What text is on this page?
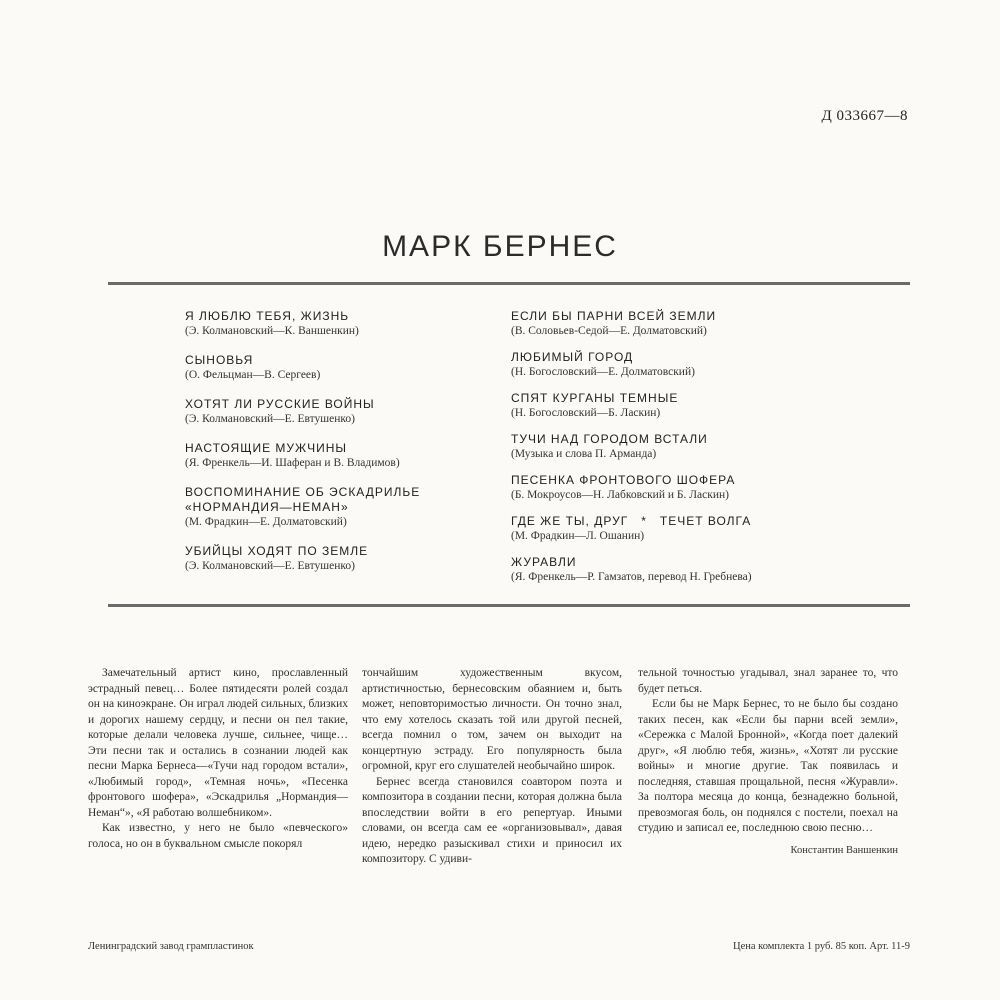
Д 033667—8
МАРК БЕРНЕС
Я ЛЮБЛЮ ТЕБЯ, ЖИЗНЬ
(Э. Колмановский—К. Ваншенкин)
СЫНОВЬЯ
(О. Фельцман—В. Сергеев)
ХОТЯТ ЛИ РУССКИЕ ВОЙНЫ
(Э. Колмановский—Е. Евтушенко)
НАСТОЯЩИЕ МУЖЧИНЫ
(Я. Френкель—И. Шаферан и В. Владимов)
ВОСПОМИНАНИЕ ОБ ЭСКАДРИЛЬЕ
«НОРМАНДИЯ—НЕМАН»
(М. Фрадкин—Е. Долматовский)
УБИЙЦЫ ХОДЯТ ПО ЗЕМЛЕ
(Э. Колмановский—Е. Евтушенко)
ЕСЛИ БЫ ПАРНИ ВСЕЙ ЗЕМЛИ
(В. Соловьев-Седой—Е. Долматовский)
ЛЮБИМЫЙ ГОРОД
(Н. Богословский—Е. Долматовский)
СПЯТ КУРГАНЫ ТЕМНЫЕ
(Н. Богословский—Б. Ласкин)
ТУЧИ НАД ГОРОДОМ ВСТАЛИ
(Музыка и слова П. Арманда)
ПЕСЕНКА ФРОНТОВОГО ШОФЕРА
(Б. Мокроусов—Н. Лабковский и Б. Ласкин)
ГДЕ ЖЕ ТЫ, ДРУГ   *   ТЕЧЕТ ВОЛГА
(М. Фрадкин—Л. Ошанин)
ЖУРАВЛИ
(Я. Френкель—Р. Гамзатов, перевод Н. Гребнева)

Замечательный артист кино, прославленный эстрадный певец… Более пятидесяти ролей создал он на киноэкране. Он играл людей сильных, близких и дорогих нашему сердцу, и песни он пел такие, которые делали человека лучше, сильнее, чище… Эти песни так и остались в сознании людей как песни Марка Бернеса—«Тучи над городом встали», «Любимый город», «Темная ночь», «Песенка фронтового шофера», «Эскадрилья „Нормандия—Неман“», «Я работаю волшебником».

Как известно, у него не было «певческого» голоса, но он в буквальном смысле покорял

тончайшим художественным вкусом, артистичностью, бернесовским обаянием и, быть может, неповторимостью личности. Он точно знал, что ему хотелось сказать той или другой песней, всегда помнил о том, зачем он выходит на концертную эстраду. Его популярность была огромной, круг его слушателей необычайно широк.

Бернес всегда становился соавтором поэта и композитора в создании песни, которая должна была впоследствии войти в его репертуар. Иными словами, он всегда сам ее «организовывал», давая идею, нередко разыскивал стихи и приносил их композитору. С удиви-

тельной точностью угадывал, знал заранее то, что будет петься.

Если бы не Марк Бернес, то не было бы создано таких песен, как «Если бы парни всей земли», «Сережка с Малой Бронной», «Когда поет далекий друг», «Я люблю тебя, жизнь», «Хотят ли русские войны» и многие другие. Так появилась и последняя, ставшая прощальной, песня «Журавли». За полтора месяца до конца, безнадежно больной, превозмогая боль, он поднялся с постели, поехал на студию и записал ее, последнюю свою песню…

Константин Ваншенкин
Ленинградский завод грампластинок	Цена комплекта 1 руб. 85 коп. Арт. 11-9
